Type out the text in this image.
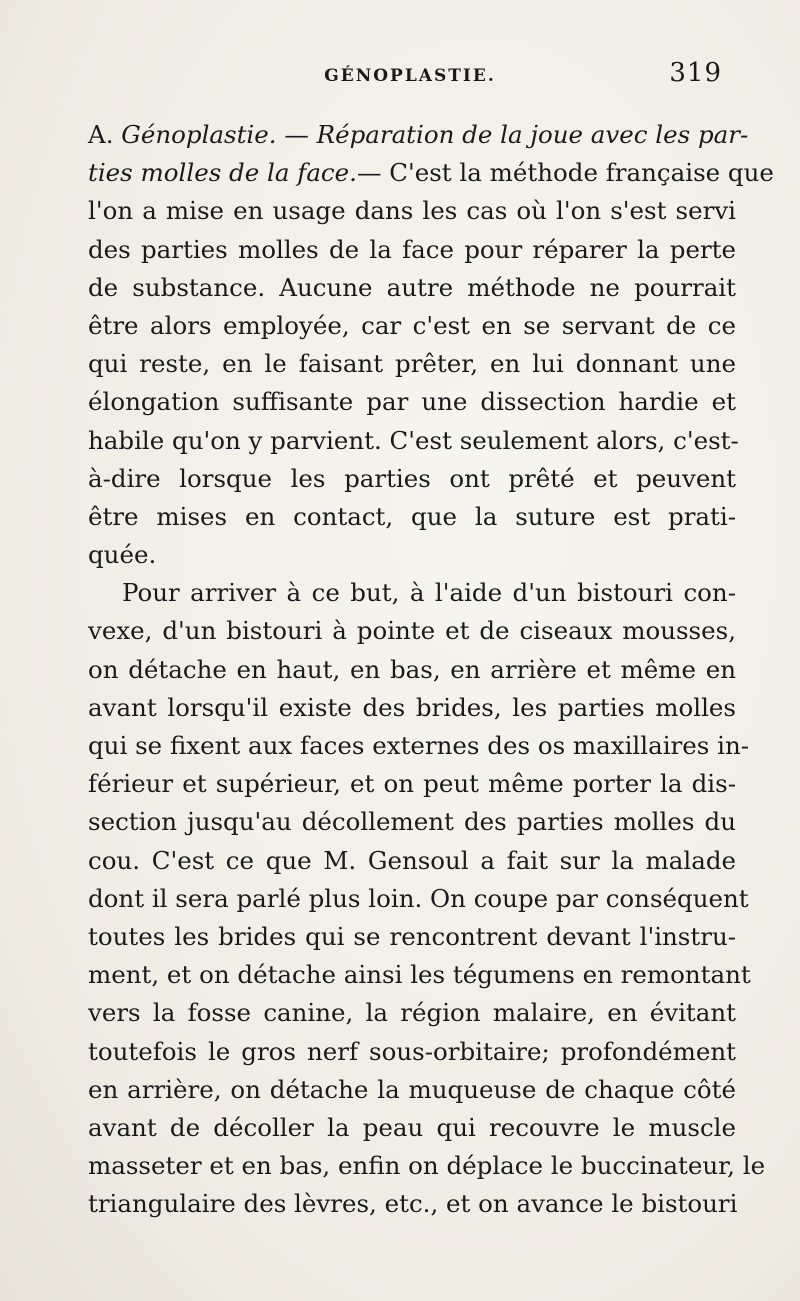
GÉNOPLASTIE.	319
A. Génoplastie. — Réparation de la joue avec les par-
ties molles de la face.— C'est la méthode française que
l'on a mise en usage dans les cas où l'on s'est servi
des parties molles de la face pour réparer la perte
de substance. Aucune autre méthode ne pourrait
être alors employée, car c'est en se servant de ce
qui reste, en le faisant prêter, en lui donnant une
élongation suffisante par une dissection hardie et
habile qu'on y parvient. C'est seulement alors, c'est-
à-dire lorsque les parties ont prêté et peuvent
être mises en contact, que la suture est prati-
quée.
Pour arriver à ce but, à l'aide d'un bistouri con-
vexe, d'un bistouri à pointe et de ciseaux mousses,
on détache en haut, en bas, en arrière et même en
avant lorsqu'il existe des brides, les parties molles
qui se fixent aux faces externes des os maxillaires in-
férieur et supérieur, et on peut même porter la dis-
section jusqu'au décollement des parties molles du
cou. C'est ce que M. Gensoul a fait sur la malade
dont il sera parlé plus loin. On coupe par conséquent
toutes les brides qui se rencontrent devant l'instru-
ment, et on détache ainsi les tégumens en remontant
vers la fosse canine, la région malaire, en évitant
toutefois le gros nerf sous-orbitaire; profondément
en arrière, on détache la muqueuse de chaque côté
avant de décoller la peau qui recouvre le muscle
masseter et en bas, enfin on déplace le buccinateur, le
triangulaire des lèvres, etc., et on avance le bistouri
